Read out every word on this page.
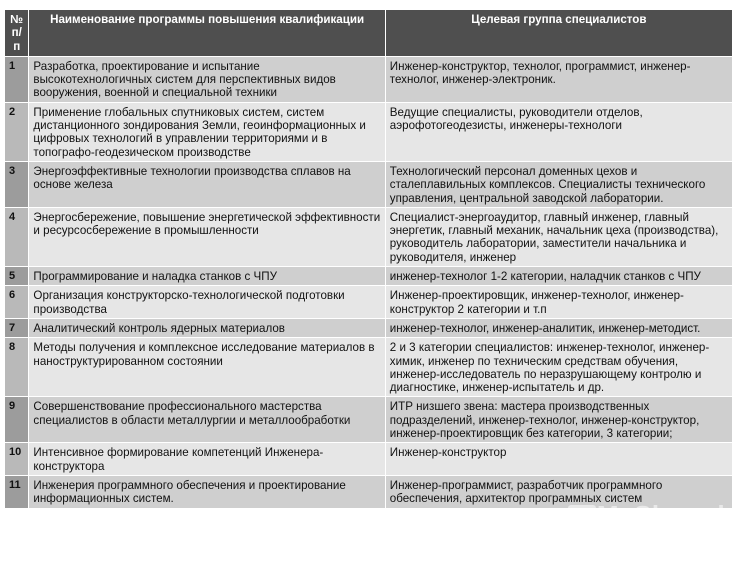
№ п/п	Наименование программы повышения квалификации	Целевая группа специалистов
1	Разработка, проектирование и испытание высокотехнологичных систем для перспективных видов вооружения, военной и специальной техники	Инженер-конструктор, технолог, программист, инженер-технолог, инженер-электроник.
2	Применение глобальных спутниковых систем, систем дистанционного зондирования Земли, геоинформационных и цифровых технологий в управлении территориями и в топографо-геодезическом производстве	Ведущие специалисты, руководители отделов, аэрофотогеодезисты, инженеры-технологи
3	Энергоэффективные технологии производства сплавов на основе железа	Технологический персонал доменных цехов и сталеплавильных комплексов. Специалисты технического управления, центральной заводской лаборатории.
4	Энергосбережение, повышение энергетической эффективности и ресурсосбережение в промышленности	Специалист-энергоаудитор, главный инженер, главный энергетик, главный механик, начальник цеха (производства), руководитель лаборатории, заместители начальника и руководителя, инженер
5	Программирование и наладка станков с ЧПУ	инженер-технолог 1-2 категории, наладчик станков с ЧПУ
6	Организация конструкторско-технологической подготовки производства	Инженер-проектировщик, инженер-технолог, инженер-конструктор 2 категории и т.п
7	Аналитический контроль ядерных материалов	инженер-технолог, инженер-аналитик, инженер-методист.
8	Методы получения и комплексное исследование материалов в наноструктурированном состоянии	2 и 3 категории специалистов: инженер-технолог, инженер-химик, инженер по техническим средствам обучения, инженер-исследователь по неразрушающему контролю и диагностике, инженер-испытатель и др.
9	Совершенствование профессионального мастерства специалистов в области металлургии и металлообработки	ИТР низшего звена: мастера производственных подразделений, инженер-технолог, инженер-конструктор, инженер-проектировщик без категории, 3 категории;
10	Интенсивное формирование компетенций Инженера-конструктора	Инженер-конструктор
11	Инженерия программного обеспечения и проектирование информационных систем.	Инженер-программист, разработчик программного обеспечения, архитектор программных систем
MyShared
